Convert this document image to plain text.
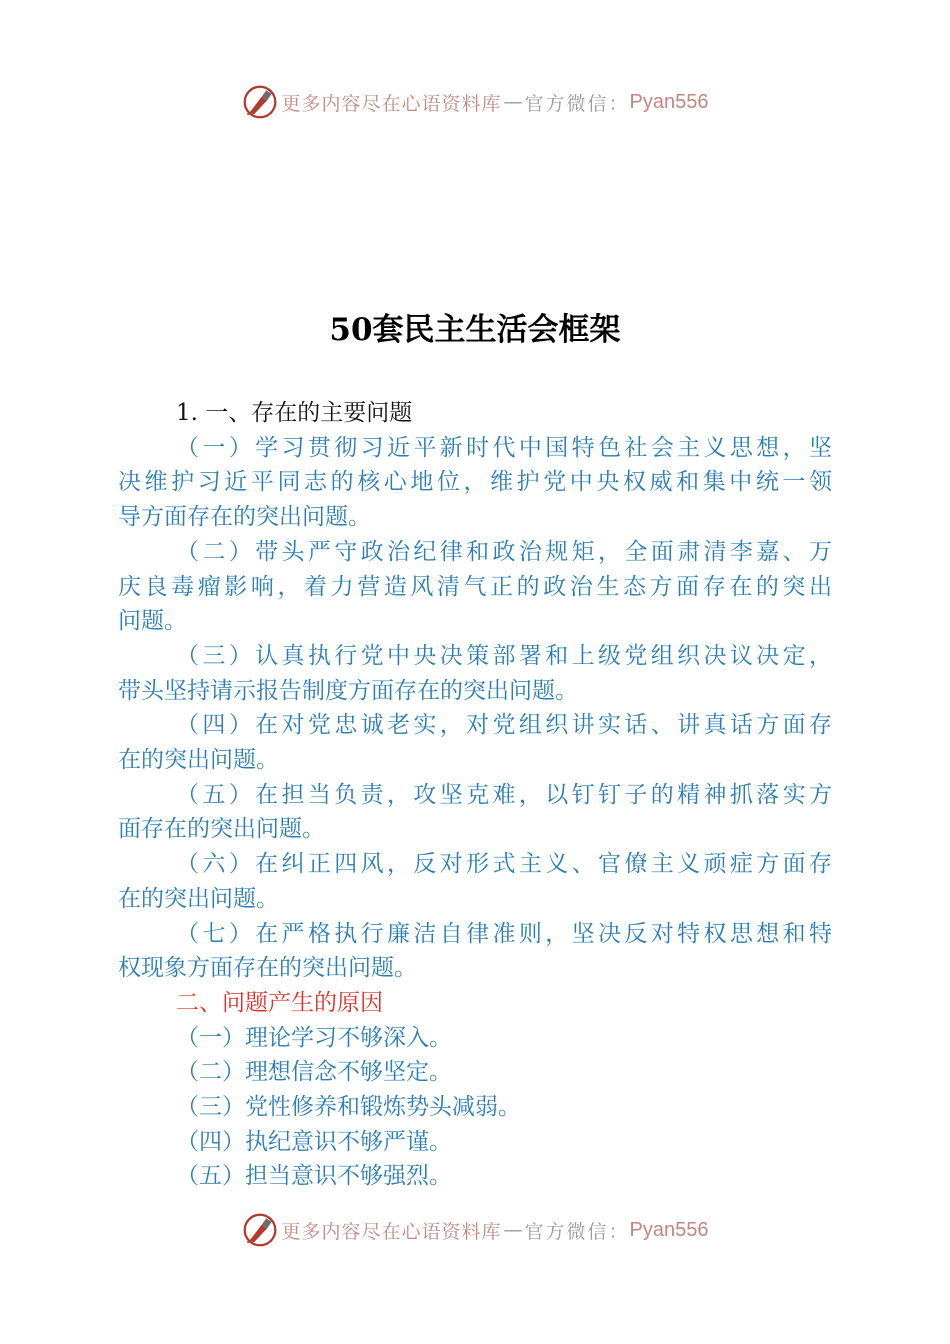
更多内容尽在心语资料库 — 官方微信： Pyan556
50套民主生活会框架

1. 一、存在的主要问题

（一）学习贯彻习近平新时代中国特色社会主义思想，坚

决维护习近平同志的核心地位，维护党中央权威和集中统一领

导方面存在的突出问题。

（二）带头严守政治纪律和政治规矩，全面肃清李嘉、万

庆良毒瘤影响，着力营造风清气正的政治生态方面存在的突出

问题。

（三）认真执行党中央决策部署和上级党组织决议决定，

带头坚持请示报告制度方面存在的突出问题。

（四）在对党忠诚老实，对党组织讲实话、讲真话方面存

在的突出问题。

（五）在担当负责，攻坚克难，以钉钉子的精神抓落实方

面存在的突出问题。

（六）在纠正四风，反对形式主义、官僚主义顽症方面存

在的突出问题。

（七）在严格执行廉洁自律准则，坚决反对特权思想和特

权现象方面存在的突出问题。

二、问题产生的原因

（一）理论学习不够深入。

（二）理想信念不够坚定。

（三）党性修养和锻炼势头减弱。

（四）执纪意识不够严谨。

（五）担当意识不够强烈。

更多内容尽在心语资料库 — 官方微信： Pyan556
